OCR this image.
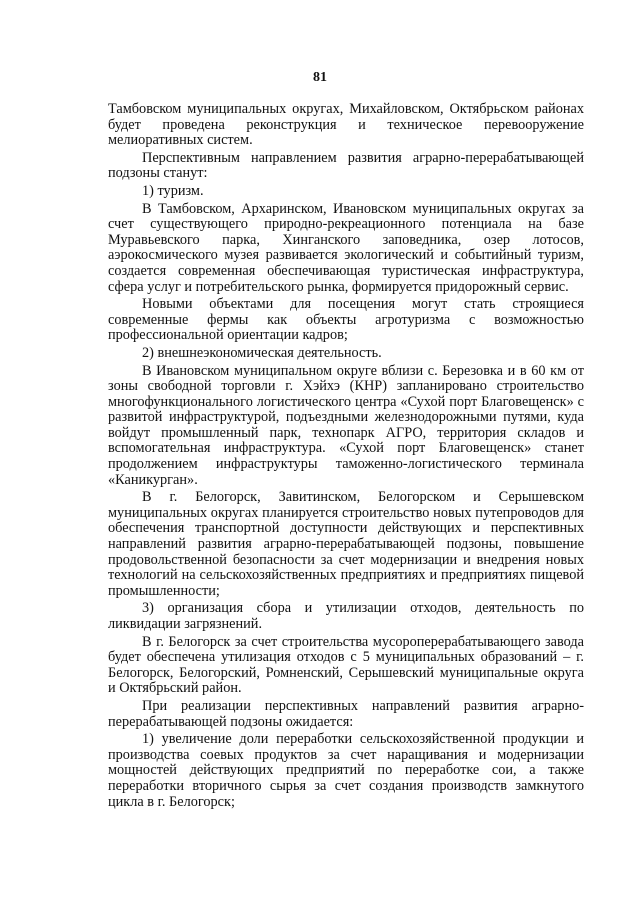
81

Тамбовском муниципальных округах, Михайловском, Октябрьском районах будет проведена реконструкция и техническое перевооружение мелиоративных систем.

Перспективным направлением развития аграрно-перерабатывающей подзоны станут:

1) туризм.

В Тамбовском, Архаринском, Ивановском муниципальных округах за счет существующего природно-рекреационного потенциала на базе Муравьевского парка, Хинганского заповедника, озер лотосов, аэрокосмического музея развивается экологический и событийный туризм, создается современная обеспечивающая туристическая инфраструктура, сфера услуг и потребительского рынка, формируется придорожный сервис.

Новыми объектами для посещения могут стать строящиеся современные фермы как объекты агротуризма с возможностью профессиональной ориентации кадров;

2) внешнеэкономическая деятельность.

В Ивановском муниципальном округе вблизи с. Березовка и в 60 км от зоны свободной торговли г. Хэйхэ (КНР) запланировано строительство многофункционального логистического центра «Сухой порт Благовещенск» с развитой инфраструктурой, подъездными железнодорожными путями, куда войдут промышленный парк, технопарк АГРО, территория складов и вспомогательная инфраструктура. «Сухой порт Благовещенск» станет продолжением инфраструктуры таможенно-логистического терминала «Каникурган».

В г. Белогорск, Завитинском, Белогорском и Серышевском муниципальных округах планируется строительство новых путепроводов для обеспечения транспортной доступности действующих и перспективных направлений развития аграрно-перерабатывающей подзоны, повышение продовольственной безопасности за счет модернизации и внедрения новых технологий на сельскохозяйственных предприятиях и предприятиях пищевой промышленности;

3) организация сбора и утилизации отходов, деятельность по ликвидации загрязнений.

В г. Белогорск за счет строительства мусороперерабатывающего завода будет обеспечена утилизация отходов с 5 муниципальных образований – г. Белогорск, Белогорский, Ромненский, Серышевский муниципальные округа и Октябрьский район.

При реализации перспективных направлений развития аграрно-перерабатывающей подзоны ожидается:

1) увеличение доли переработки сельскохозяйственной продукции и производства соевых продуктов за счет наращивания и модернизации мощностей действующих предприятий по переработке сои, а также переработки вторичного сырья за счет создания производств замкнутого цикла в г. Белогорск;
